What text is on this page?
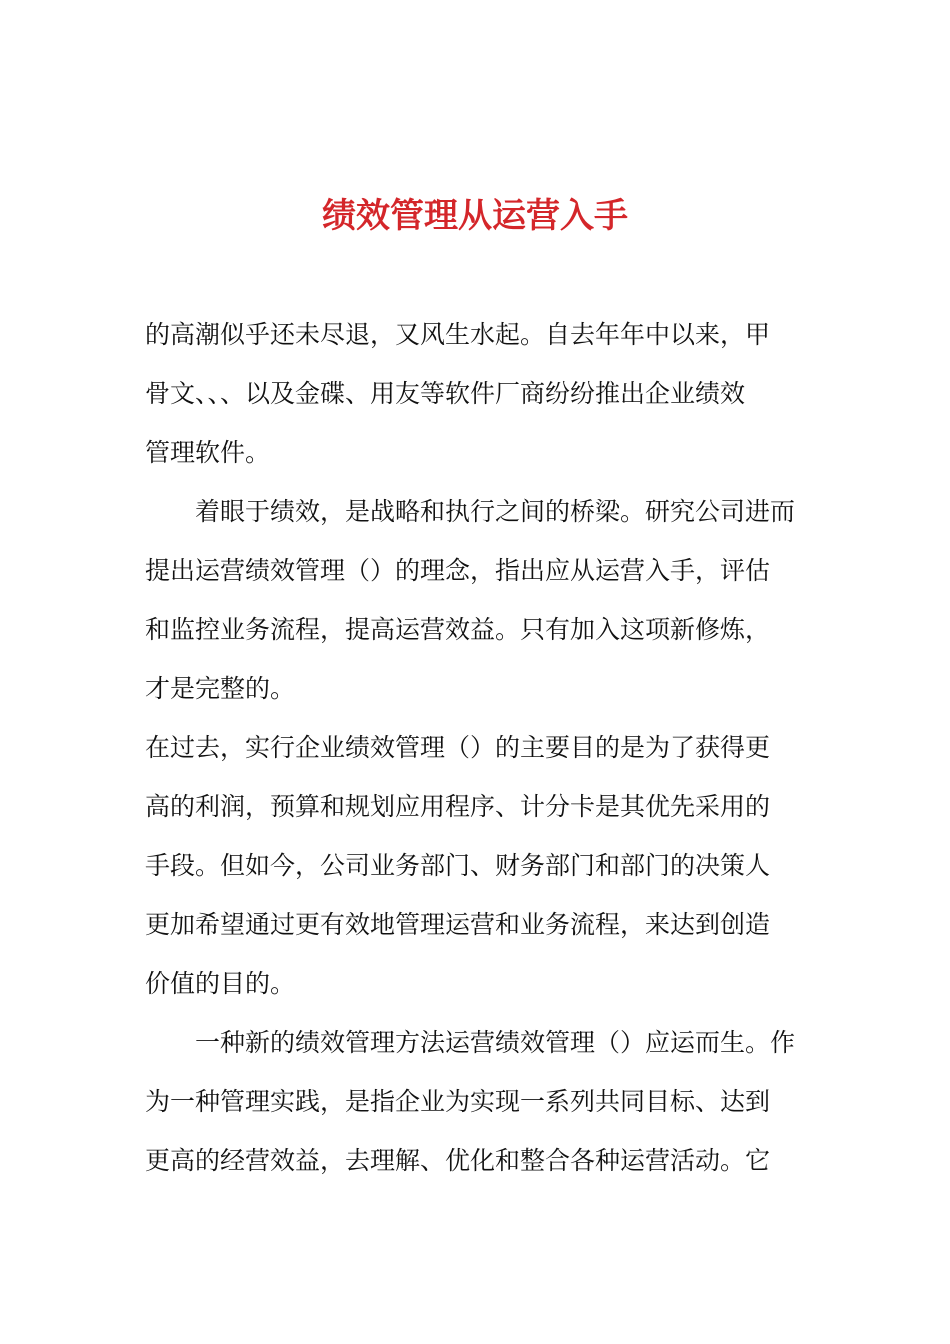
绩效管理从运营入手
的高潮似乎还未尽退，又风生水起。自去年年中以来，甲
骨文、、、以及金碟、用友等软件厂商纷纷推出企业绩效
管理软件。
着眼于绩效，是战略和执行之间的桥梁。研究公司进而
提出运营绩效管理（）的理念，指出应从运营入手，评估
和监控业务流程，提高运营效益。只有加入这项新修炼，
才是完整的。
在过去，实行企业绩效管理（）的主要目的是为了获得更
高的利润，预算和规划应用程序、计分卡是其优先采用的
手段。但如今，公司业务部门、财务部门和部门的决策人
更加希望通过更有效地管理运营和业务流程，来达到创造
价值的目的。
一种新的绩效管理方法运营绩效管理（）应运而生。作
为一种管理实践，是指企业为实现一系列共同目标、达到
更高的经营效益，去理解、优化和整合各种运营活动。它
